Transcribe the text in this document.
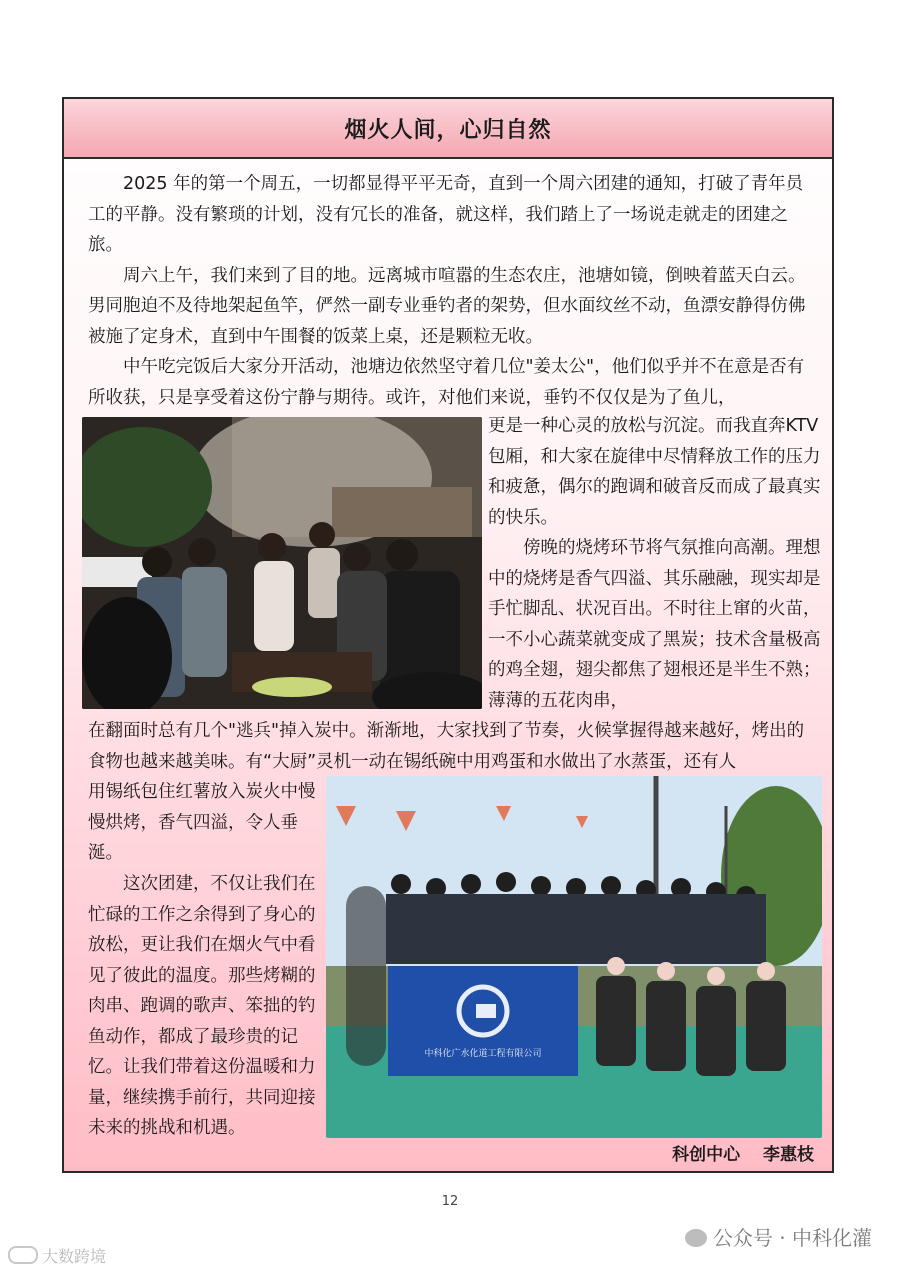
烟火人间，心归自然

2025 年的第一个周五，一切都显得平平无奇，直到一个周六团建的通知，打破了青年员工的平静。没有繁琐的计划，没有冗长的准备，就这样，我们踏上了一场说走就走的团建之旅。

周六上午，我们来到了目的地。远离城市喧嚣的生态农庄，池塘如镜，倒映着蓝天白云。男同胞迫不及待地架起鱼竿，俨然一副专业垂钓者的架势，但水面纹丝不动，鱼漂安静得仿佛被施了定身术，直到中午围餐的饭菜上桌，还是颗粒无收。

中午吃完饭后大家分开活动，池塘边依然坚守着几位"姜太公"，他们似乎并不在意是否有所收获，只是享受着这份宁静与期待。或许，对他们来说，垂钓不仅仅是为了鱼儿，

更是一种心灵的放松与沉淀。而我直奔KTV 包厢，和大家在旋律中尽情释放工作的压力和疲惫，偶尔的跑调和破音反而成了最真实的快乐。

傍晚的烧烤环节将气氛推向高潮。理想中的烧烤是香气四溢、其乐融融，现实却是手忙脚乱、状况百出。不时往上窜的火苗，一不小心蔬菜就变成了黑炭；技术含量极高的鸡全翅，翅尖都焦了翅根还是半生不熟；薄薄的五花肉串，

在翻面时总有几个"逃兵"掉入炭中。渐渐地，大家找到了节奏，火候掌握得越来越好，烤出的食物也越来越美味。有“大厨”灵机一动在锡纸碗中用鸡蛋和水做出了水蒸蛋，还有人

中科化广水化道工程有限公司

用锡纸包住红薯放入炭火中慢慢烘烤，香气四溢，令人垂涎。

这次团建，不仅让我们在忙碌的工作之余得到了身心的放松，更让我们在烟火气中看见了彼此的温度。那些烤糊的肉串、跑调的歌声、笨拙的钓鱼动作，都成了最珍贵的记忆。让我们带着这份温暖和力量，继续携手前行，共同迎接未来的挑战和机遇。

科创中心　 李惠枝
12
公众号 · 中科化灌
大数跨境
